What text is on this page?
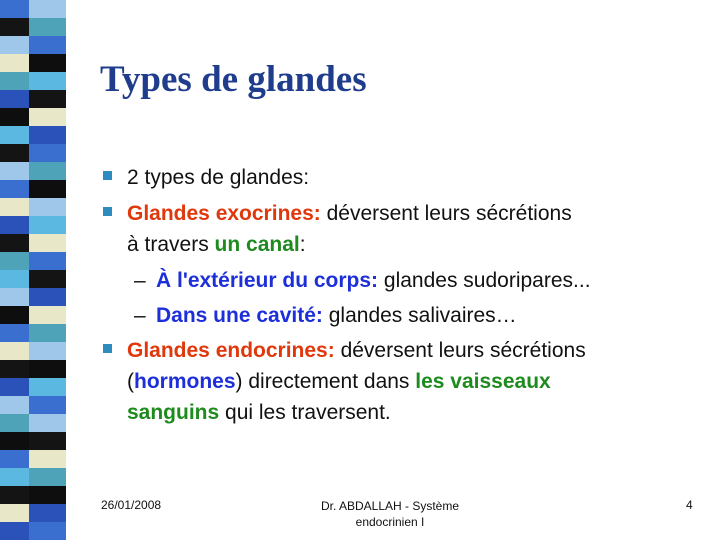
Types de glandes
2 types de glandes:
Glandes exocrines: déversent leurs sécrétions
à travers un canal:
– À l'extérieur du corps: glandes sudoripares...
– Dans une cavité: glandes salivaires…
Glandes endocrines: déversent leurs sécrétions
(hormones) directement dans les vaisseaux
sanguins qui les traversent.
26/01/2008	Dr. ABDALLAH - Système
endocrinien I
4
